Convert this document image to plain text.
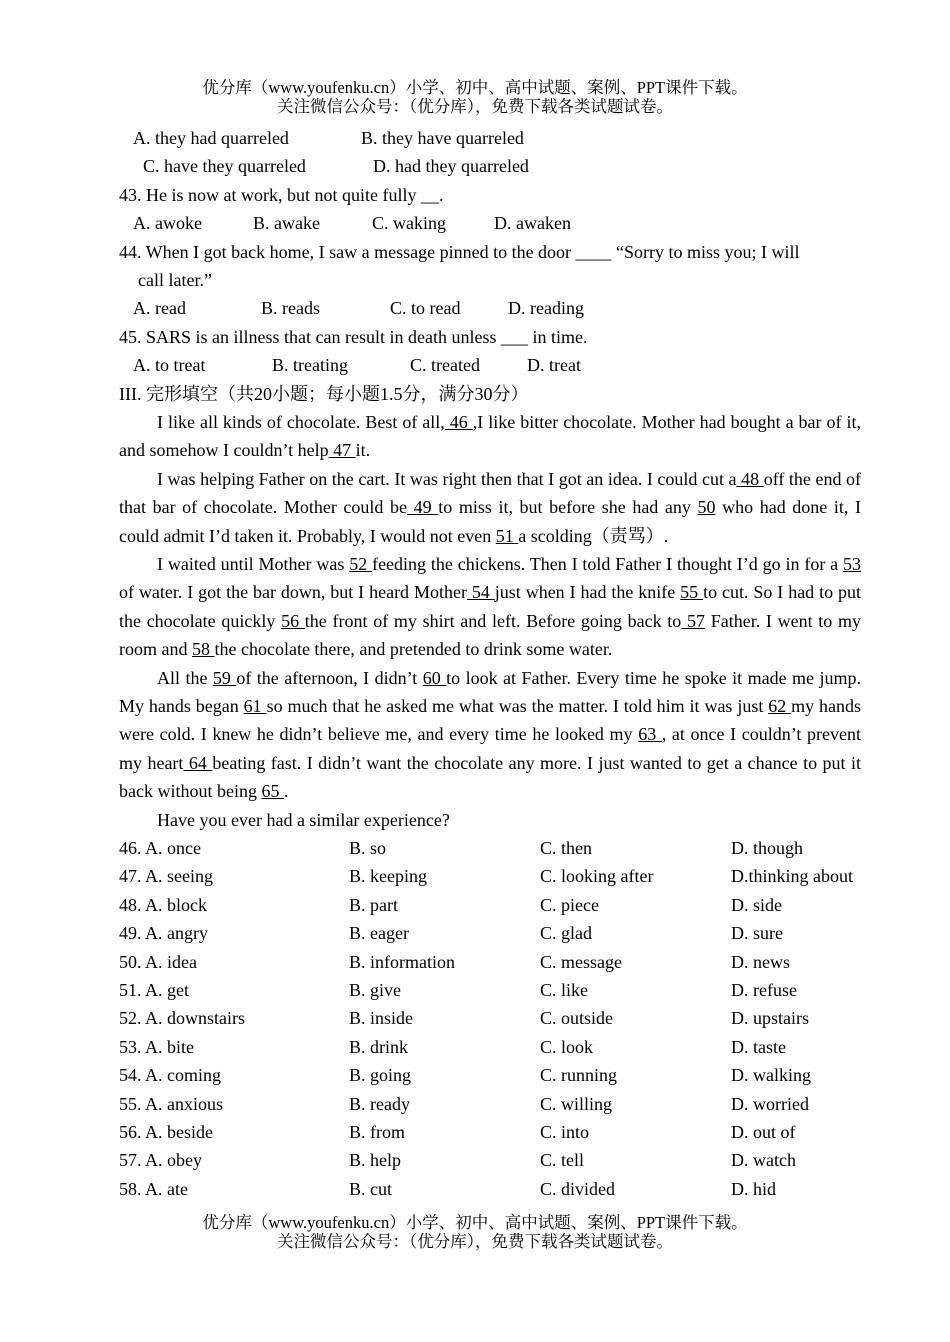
优分库（www.youfenku.cn）小学、初中、高中试题、案例、PPT课件下载。
关注微信公众号：（优分库），免费下载各类试题试卷。
A. they had quarreled	B. they have quarreled
C. have they quarreled	D. had they quarreled
43. He is now at work, but not quite fully __.
A. awoke	B. awake	C. waking	D. awaken
44. When I got back home, I saw a message pinned to the door ____ “Sorry to miss you; I will
call later.”
A. read	B. reads	C. to read	D. reading
45. SARS is an illness that can result in death unless ___ in time.
A. to treat	B. treating	C. treated	D. treat
III. 完形填空（共20小题；每小题1.5分，满分30分）
I like all kinds of chocolate. Best of all, 46 ,I like bitter chocolate. Mother had bought a bar of it, and somehow I couldn’t help 47 it.
I was helping Father on the cart. It was right then that I got an idea. I could cut a 48 off the end of that bar of chocolate. Mother could be 49 to miss it, but before she had any 50 who had done it, I could admit I’d taken it. Probably, I would not even 51 a scolding（责骂）.
I waited until Mother was 52 feeding the chickens. Then I told Father I thought I’d go in for a 53 of water. I got the bar down, but I heard Mother 54 just when I had the knife 55 to cut. So I had to put the chocolate quickly 56 the front of my shirt and left. Before going back to 57 Father. I went to my room and 58 the chocolate there, and pretended to drink some water.
All the 59 of the afternoon, I didn’t 60 to look at Father. Every time he spoke it made me jump. My hands began 61 so much that he asked me what was the matter. I told him it was just 62 my hands were cold. I knew he didn’t believe me, and every time he looked my 63 , at once I couldn’t prevent my heart 64 beating fast. I didn’t want the chocolate any more. I just wanted to get a chance to put it back without being 65 .
Have you ever had a similar experience?
46. A. once	B. so	C. then	D. though
47. A. seeing	B. keeping	C. looking after	D.thinking about
48. A. block	B. part	C. piece	D. side
49. A. angry	B. eager	C. glad	D. sure
50. A. idea	B. information	C. message	D. news
51. A. get	B. give	C. like	D. refuse
52. A. downstairs	B. inside	C. outside	D. upstairs
53. A. bite	B. drink	C. look	D. taste
54. A. coming	B. going	C. running	D. walking
55. A. anxious	B. ready	C. willing	D. worried
56. A. beside	B. from	C. into	D. out of
57. A. obey	B. help	C. tell	D. watch
58. A. ate	B. cut	C. divided	D. hid
优分库（www.youfenku.cn）小学、初中、高中试题、案例、PPT课件下载。
关注微信公众号：（优分库），免费下载各类试题试卷。
